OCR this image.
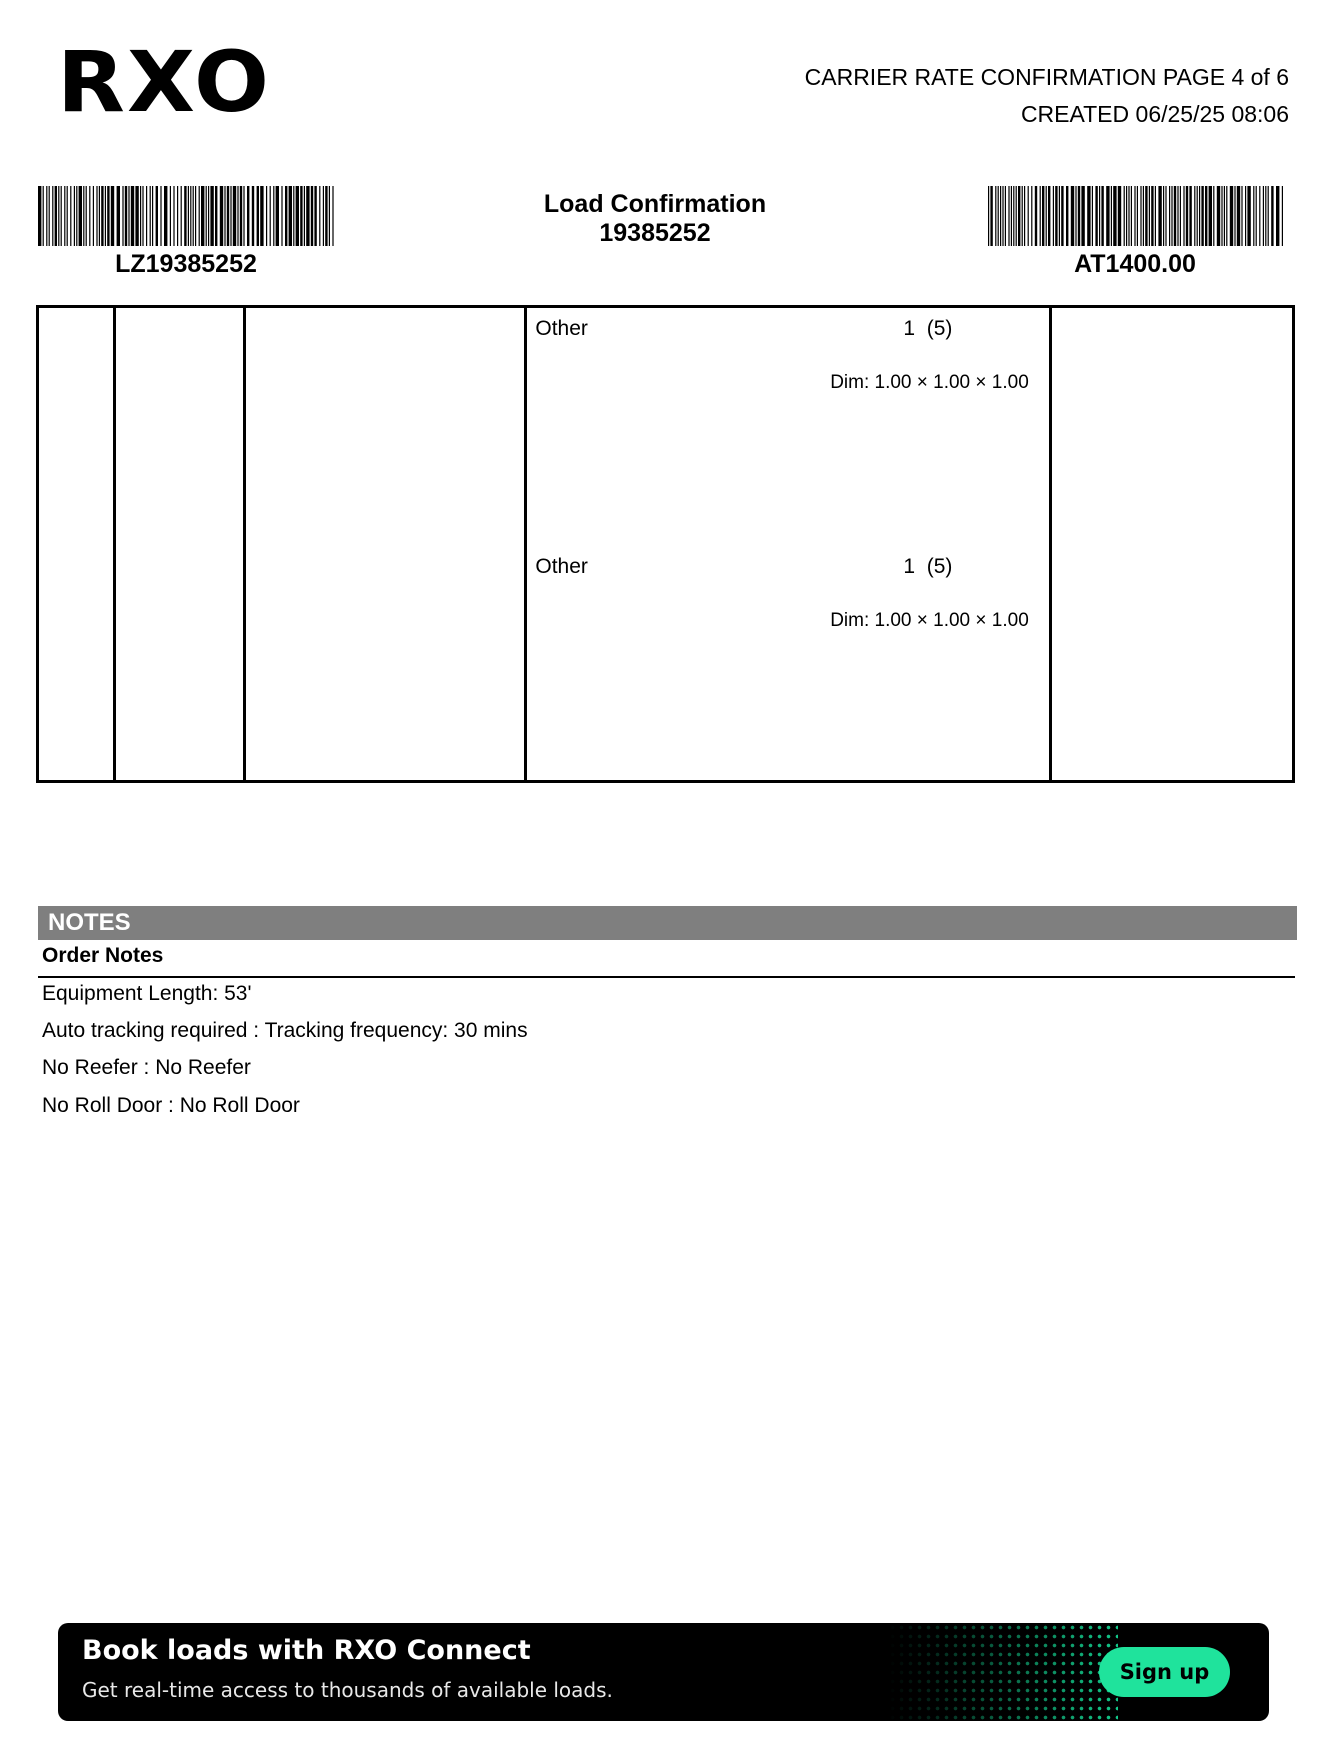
RXO	CARRIER RATE CONFIRMATION PAGE 4 of 6
CREATED 06/25/25 08:06
LZ19385252	AT1400.00
Load Confirmation
19385252

Other	1  (5)
Dim: 1.00 × 1.00 × 1.00
Other	1  (5)
Dim: 1.00 × 1.00 × 1.00

NOTES
Order Notes
Equipment Length: 53'
Auto tracking required : Tracking frequency: 30 mins
No Reefer : No Reefer
No Roll Door : No Roll Door
Book loads with RXO Connect
Get real-time access to thousands of available loads.
Sign up
